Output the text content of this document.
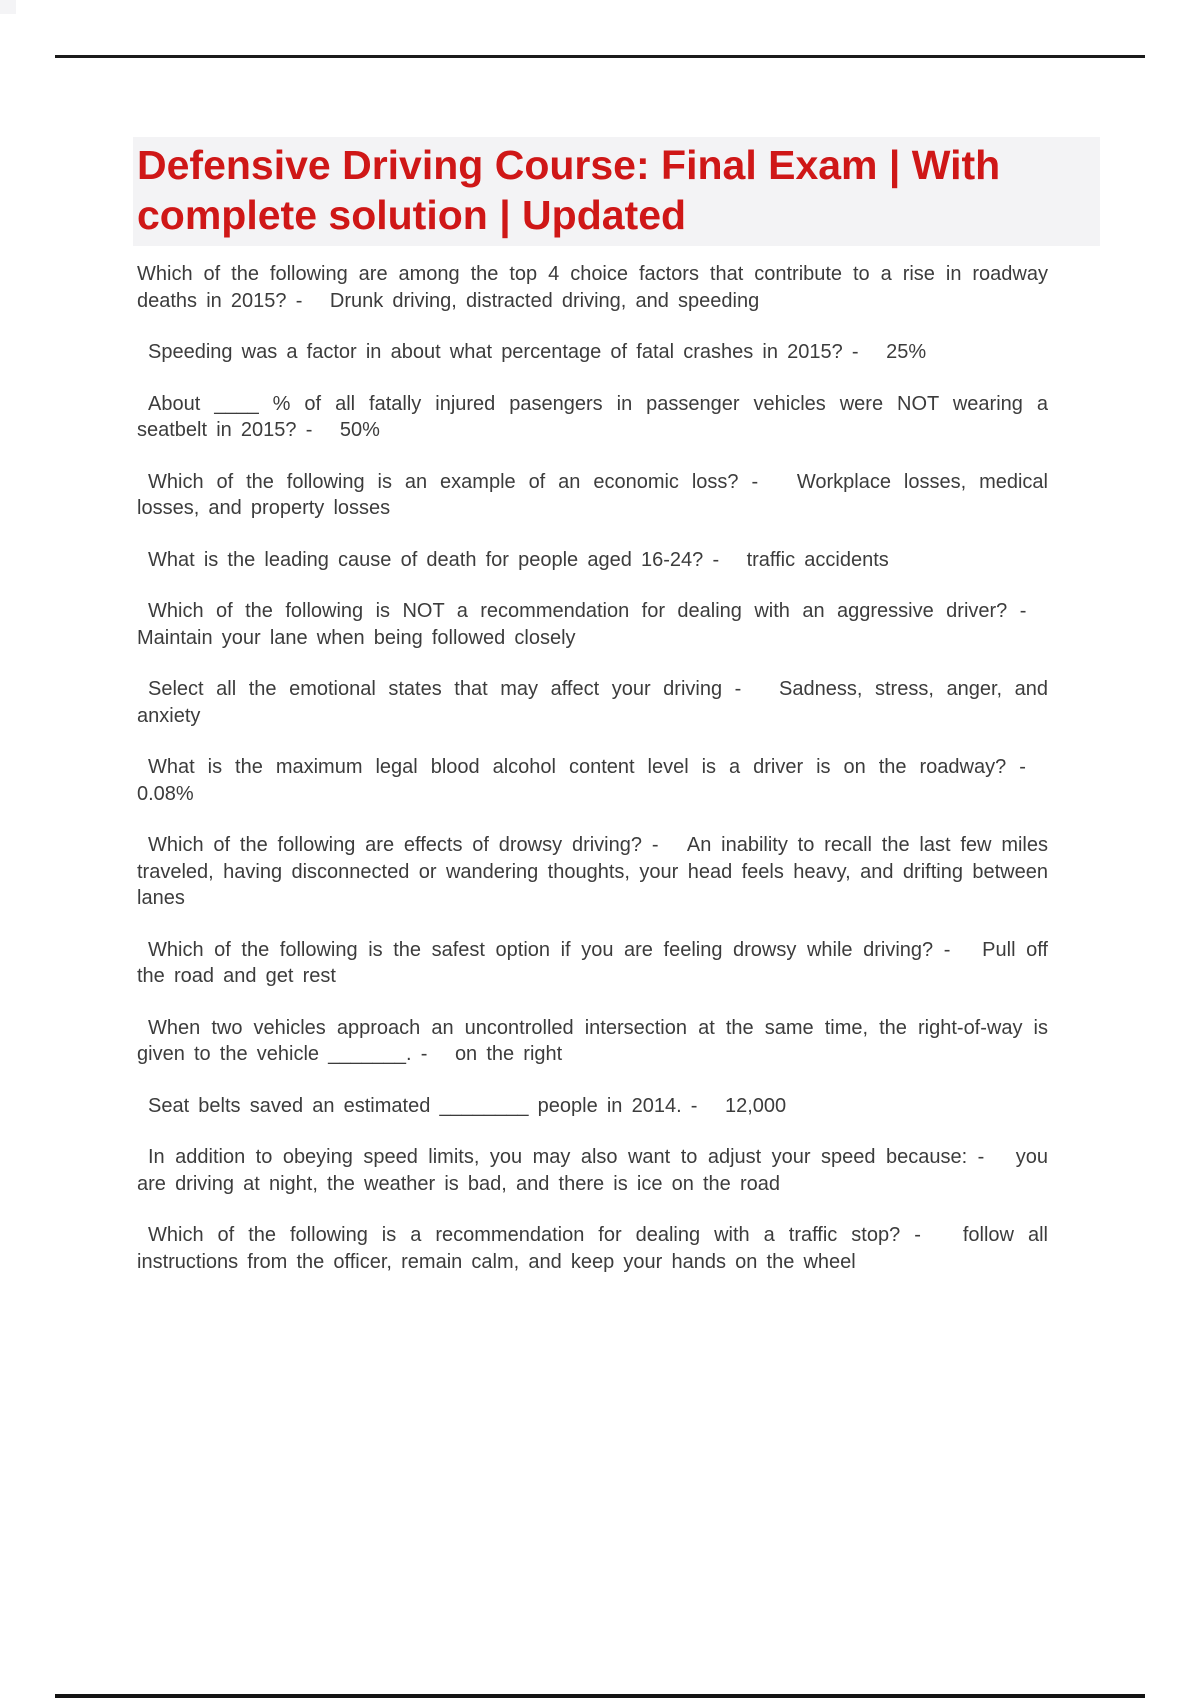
Defensive Driving Course: Final Exam | With complete solution | Updated

Which of the following are among the top 4 choice factors that contribute to a rise in roadway deaths in 2015? -   Drunk driving, distracted driving, and speeding

Speeding was a factor in about what percentage of fatal crashes in 2015? -   25%

About ____ % of all fatally injured pasengers in passenger vehicles were NOT wearing a seatbelt in 2015? -   50%

Which of the following is an example of an economic loss? -   Workplace losses, medical losses, and property losses

What is the leading cause of death for people aged 16-24? -   traffic accidents

Which of the following is NOT a recommendation for dealing with an aggressive driver? -   Maintain your lane when being followed closely

Select all the emotional states that may affect your driving -   Sadness, stress, anger, and anxiety

What is the maximum legal blood alcohol content level is a driver is on the roadway? -   0.08%

Which of the following are effects of drowsy driving? -   An inability to recall the last few miles traveled, having disconnected or wandering thoughts, your head feels heavy, and drifting between lanes

Which of the following is the safest option if you are feeling drowsy while driving? -   Pull off the road and get rest

When two vehicles approach an uncontrolled intersection at the same time, the right-of-way is given to the vehicle _______. -   on the right

Seat belts saved an estimated ________ people in 2014. -   12,000

In addition to obeying speed limits, you may also want to adjust your speed because: -   you are driving at night, the weather is bad, and there is ice on the road

Which of the following is a recommendation for dealing with a traffic stop? -   follow all instructions from the officer, remain calm, and keep your hands on the wheel
